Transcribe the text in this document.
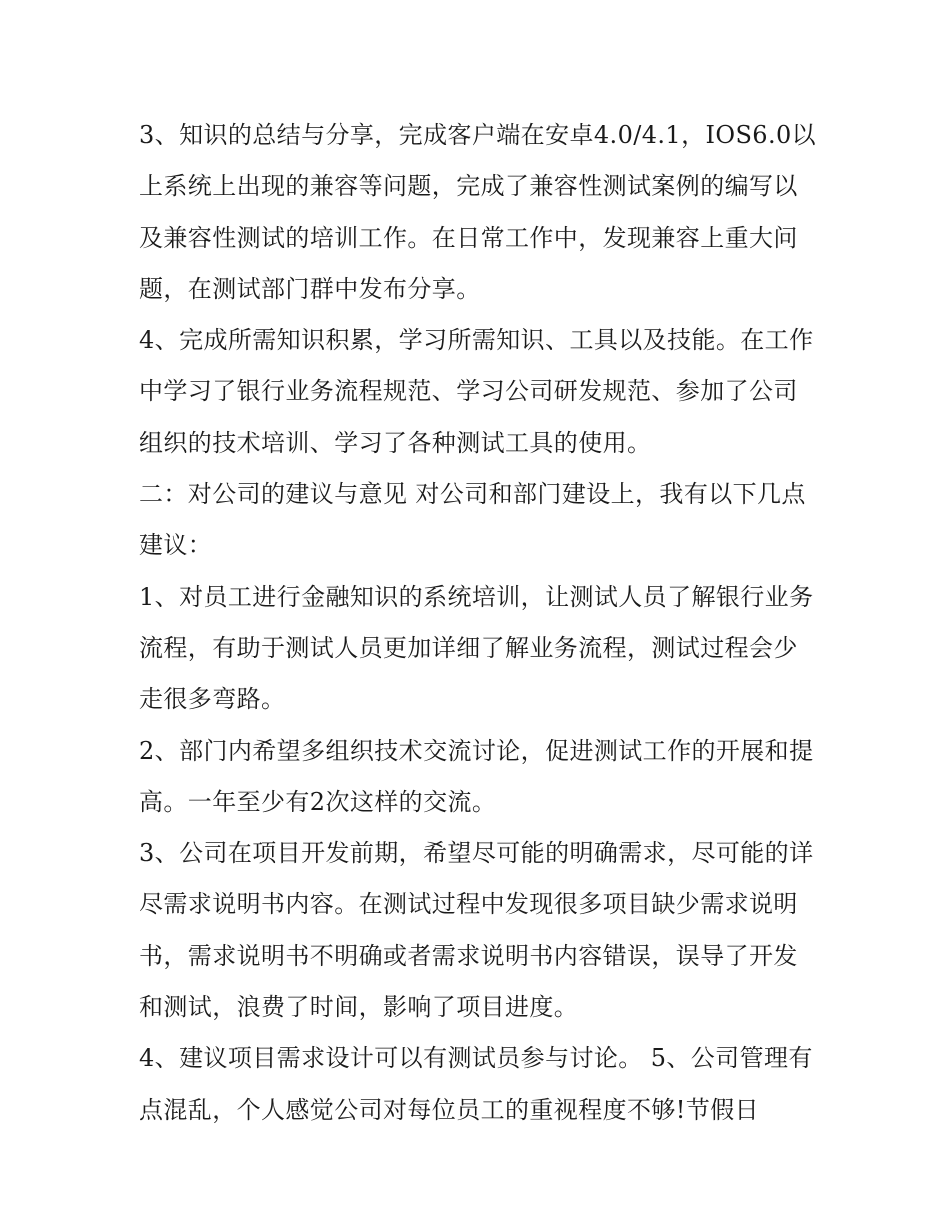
3、知识的总结与分享，完成客户端在安卓4.0/4.1，IOS6.0以上系统上出现的兼容等问题，完成了兼容性测试案例的编写以及兼容性测试的培训工作。在日常工作中，发现兼容上重大问题，在测试部门群中发布分享。

4、完成所需知识积累，学习所需知识、工具以及技能。在工作中学习了银行业务流程规范、学习公司研发规范、参加了公司组织的技术培训、学习了各种测试工具的使用。

二：对公司的建议与意见 对公司和部门建设上，我有以下几点建议：

1、对员工进行金融知识的系统培训，让测试人员了解银行业务流程，有助于测试人员更加详细了解业务流程，测试过程会少走很多弯路。

2、部门内希望多组织技术交流讨论，促进测试工作的开展和提高。一年至少有2次这样的交流。

3、公司在项目开发前期，希望尽可能的明确需求，尽可能的详尽需求说明书内容。在测试过程中发现很多项目缺少需求说明书，需求说明书不明确或者需求说明书内容错误，误导了开发和测试，浪费了时间，影响了项目进度。

4、建议项目需求设计可以有测试员参与讨论。 5、公司管理有点混乱，个人感觉公司对每位员工的重视程度不够!节假日
